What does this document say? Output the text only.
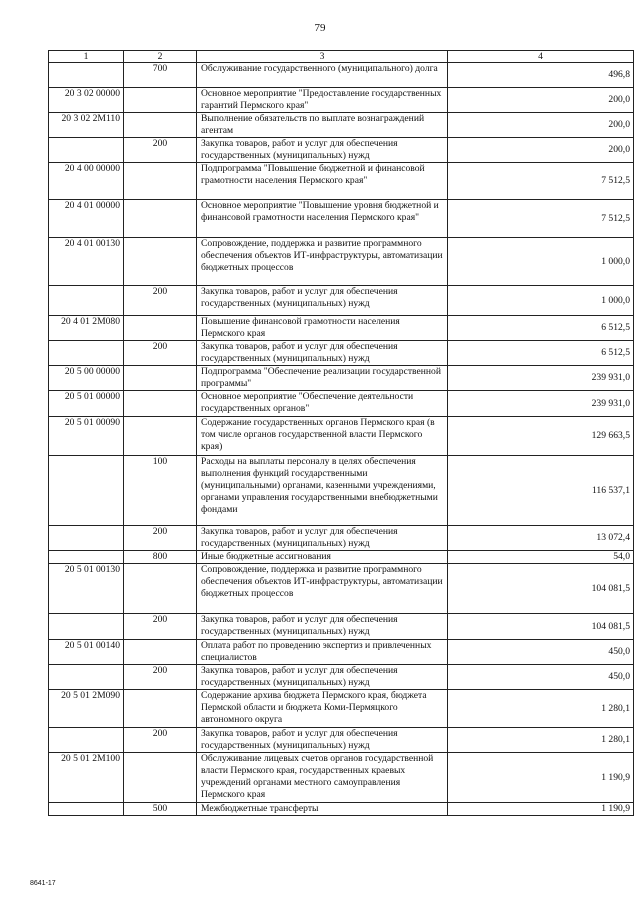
79
1	2	3	4
	700	Обслуживание государственного (муниципального) долга	496,8
20 3 02 00000		Основное мероприятие "Предоставление государственных гарантий Пермского края"	200,0
20 3 02 2М110		Выполнение обязательств по выплате вознаграждений агентам	200,0
	200	Закупка товаров, работ и услуг для обеспечения государственных (муниципальных) нужд	200,0
20 4 00 00000		Подпрограмма "Повышение бюджетной и финансовой грамотности населения Пермского края"	7 512,5
20 4 01 00000		Основное мероприятие "Повышение уровня бюджетной и финансовой грамотности населения Пермского края"	7 512,5
20 4 01 00130		Сопровождение, поддержка и развитие программного обеспечения объектов ИТ-инфраструктуры, автоматизации бюджетных процессов	1 000,0
	200	Закупка товаров, работ и услуг для обеспечения государственных (муниципальных) нужд	1 000,0
20 4 01 2М080		Повышение финансовой грамотности населения Пермского края	6 512,5
	200	Закупка товаров, работ и услуг для обеспечения государственных (муниципальных) нужд	6 512,5
20 5 00 00000		Подпрограмма "Обеспечение реализации государственной программы"	239 931,0
20 5 01 00000		Основное мероприятие "Обеспечение деятельности государственных органов"	239 931,0
20 5 01 00090		Содержание государственных органов Пермского края (в том числе органов государственной власти Пермского края)	129 663,5
	100	Расходы на выплаты персоналу в целях обеспечения выполнения функций государственными (муниципальными) органами, казенными учреждениями, органами управления государственными внебюджетными фондами	116 537,1
	200	Закупка товаров, работ и услуг для обеспечения государственных (муниципальных) нужд	13 072,4
	800	Иные бюджетные ассигнования	54,0
20 5 01 00130		Сопровождение, поддержка и развитие программного обеспечения объектов ИТ-инфраструктуры, автоматизации бюджетных процессов	104 081,5
	200	Закупка товаров, работ и услуг для обеспечения государственных (муниципальных) нужд	104 081,5
20 5 01 00140		Оплата работ по проведению экспертиз и привлеченных специалистов	450,0
	200	Закупка товаров, работ и услуг для обеспечения государственных (муниципальных) нужд	450,0
20 5 01 2М090		Содержание архива бюджета Пермского края, бюджета Пермской области и бюджета Коми-Пермяцкого автономного округа	1 280,1
	200	Закупка товаров, работ и услуг для обеспечения государственных (муниципальных) нужд	1 280,1
20 5 01 2М100		Обслуживание лицевых счетов органов государственной власти Пермского края, государственных краевых учреждений органами местного самоуправления Пермского края	1 190,9
	500	Межбюджетные трансферты	1 190,9
8641-17
